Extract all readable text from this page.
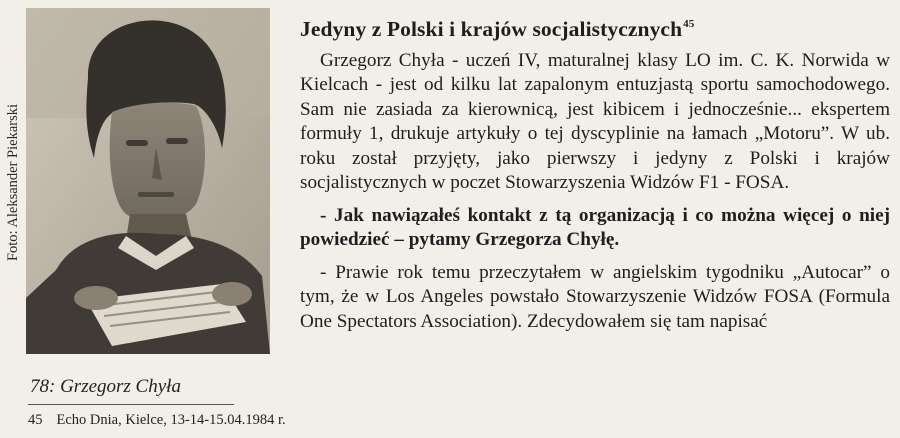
Foto: Aleksander Piekarski
78: Grzegorz Chyła
Jedyny z Polski i krajów socjalistycznych$^{45}$

Grzegorz Chyła - uczeń IV, maturalnej klasy LO im. C. K. Norwida w Kielcach - jest od kilku lat zapalonym entuzjastą sportu samochodowego. Sam nie zasiada za kierownicą, jest kibicem i jednocześnie... ekspertem formuły 1, drukuje artykuły o tej dyscyplinie na łamach „Motoru”. W ub. roku został przyjęty, jako pierwszy i jedyny z Polski i krajów socjalistycznych w poczet Stowarzyszenia Widzów F1 - FOSA.

- Jak nawiązałeś kontakt z tą organizacją i co można więcej o niej powiedzieć – pytamy Grzegorza Chyłę.

- Prawie rok temu przeczytałem w angielskim tygodniku „Autocar” o tym, że w Los Angeles powstało Stowarzyszenie Widzów FOSA (Formula One Spectators Association). Zdecydowałem się tam napisać

45 Echo Dnia, Kielce, 13-14-15.04.1984 r.
